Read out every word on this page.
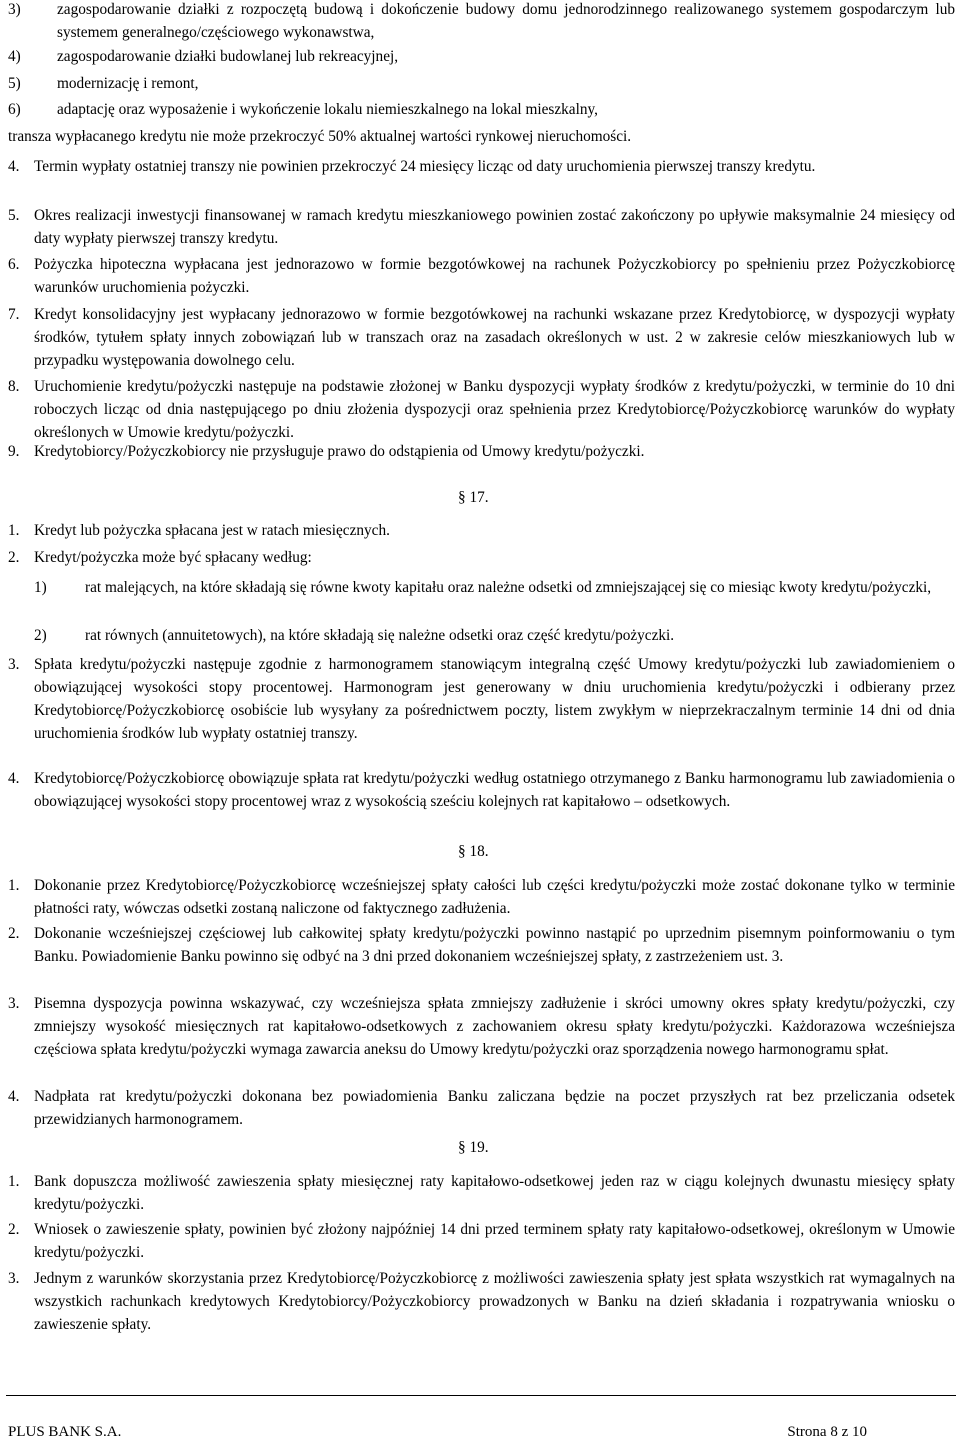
3) zagospodarowanie działki z rozpoczętą budową i dokończenie budowy domu jednorodzinnego realizowanego systemem gospodarczym lub systemem generalnego/częściowego wykonawstwa,
4) zagospodarowanie działki budowlanej lub rekreacyjnej,
5) modernizację i remont,
6) adaptację oraz wyposażenie i wykończenie lokalu niemieszkalnego na lokal mieszkalny,
transza wypłacanego kredytu nie może przekroczyć 50% aktualnej wartości rynkowej nieruchomości.
4. Termin wypłaty ostatniej transzy nie powinien przekroczyć 24 miesięcy licząc od daty uruchomienia pierwszej transzy kredytu.
5. Okres realizacji inwestycji finansowanej w ramach kredytu mieszkaniowego powinien zostać zakończony po upływie maksymalnie 24 miesięcy od daty wypłaty pierwszej transzy kredytu.
6. Pożyczka hipoteczna wypłacana jest jednorazowo w formie bezgotówkowej na rachunek Pożyczkobiorcy po spełnieniu przez Pożyczkobiorcę warunków uruchomienia pożyczki.
7. Kredyt konsolidacyjny jest wypłacany jednorazowo w formie bezgotówkowej na rachunki wskazane przez Kredytobiorcę, w dyspozycji wypłaty środków, tytułem spłaty innych zobowiązań lub w transzach oraz na zasadach określonych w ust. 2 w zakresie celów mieszkaniowych lub w przypadku występowania dowolnego celu.
8. Uruchomienie kredytu/pożyczki następuje na podstawie złożonej w Banku dyspozycji wypłaty środków z kredytu/pożyczki, w terminie do 10 dni roboczych licząc od dnia następującego po dniu złożenia dyspozycji oraz spełnienia przez Kredytobiorcę/Pożyczkobiorcę warunków do wypłaty określonych w Umowie kredytu/pożyczki.
9. Kredytobiorcy/Pożyczkobiorcy nie przysługuje prawo do odstąpienia od Umowy kredytu/pożyczki.
§ 17.
1. Kredyt lub pożyczka spłacana jest w ratach miesięcznych.
2. Kredyt/pożyczka może być spłacany według:
1)	rat malejących, na które składają się równe kwoty kapitału oraz należne odsetki od zmniejszającej się co miesiąc kwoty kredytu/pożyczki,
2)	rat równych (annuitetowych), na które składają się należne odsetki oraz część kredytu/pożyczki.
3. Spłata kredytu/pożyczki następuje zgodnie z harmonogramem stanowiącym integralną część Umowy kredytu/pożyczki lub zawiadomieniem o obowiązującej wysokości stopy procentowej. Harmonogram jest generowany w dniu uruchomienia kredytu/pożyczki i odbierany przez Kredytobiorcę/Pożyczkobiorcę osobiście lub wysyłany za pośrednictwem poczty, listem zwykłym w nieprzekraczalnym terminie 14 dni od dnia uruchomienia środków lub wypłaty ostatniej transzy.
4. Kredytobiorcę/Pożyczkobiorcę obowiązuje spłata rat kredytu/pożyczki według ostatniego otrzymanego z Banku harmonogramu lub zawiadomienia o obowiązującej wysokości stopy procentowej wraz z wysokością sześciu kolejnych rat kapitałowo – odsetkowych.
§ 18.
1. Dokonanie przez Kredytobiorcę/Pożyczkobiorcę wcześniejszej spłaty całości lub części kredytu/pożyczki może zostać dokonane tylko w terminie płatności raty, wówczas odsetki zostaną naliczone od faktycznego zadłużenia.
2. Dokonanie wcześniejszej częściowej lub całkowitej spłaty kredytu/pożyczki powinno nastąpić po uprzednim pisemnym poinformowaniu o tym Banku. Powiadomienie Banku powinno się odbyć na 3 dni przed dokonaniem wcześniejszej spłaty, z zastrzeżeniem ust. 3.
3. Pisemna dyspozycja powinna wskazywać, czy wcześniejsza spłata zmniejszy zadłużenie i skróci umowny okres spłaty kredytu/pożyczki, czy zmniejszy wysokość miesięcznych rat kapitałowo-odsetkowych z zachowaniem okresu spłaty kredytu/pożyczki. Każdorazowa wcześniejsza częściowa spłata kredytu/pożyczki wymaga zawarcia aneksu do Umowy kredytu/pożyczki oraz sporządzenia nowego harmonogramu spłat.
4. Nadpłata rat kredytu/pożyczki dokonana bez powiadomienia Banku zaliczana będzie na poczet przyszłych rat bez przeliczania odsetek przewidzianych harmonogramem.
§ 19.
1. Bank dopuszcza możliwość zawieszenia spłaty miesięcznej raty kapitałowo-odsetkowej jeden raz w ciągu kolejnych dwunastu miesięcy spłaty kredytu/pożyczki.
2. Wniosek o zawieszenie spłaty, powinien być złożony najpóźniej 14 dni przed terminem spłaty raty kapitałowo-odsetkowej, określonym w Umowie kredytu/pożyczki.
3. Jednym z warunków skorzystania przez Kredytobiorcę/Pożyczkobiorcę z możliwości zawieszenia spłaty jest spłata wszystkich rat wymagalnych na wszystkich rachunkach kredytowych Kredytobiorcy/Pożyczkobiorcy prowadzonych w Banku na dzień składania i rozpatrywania wniosku o zawieszenie spłaty.
PLUS BANK S.A.	Strona 8 z 10
